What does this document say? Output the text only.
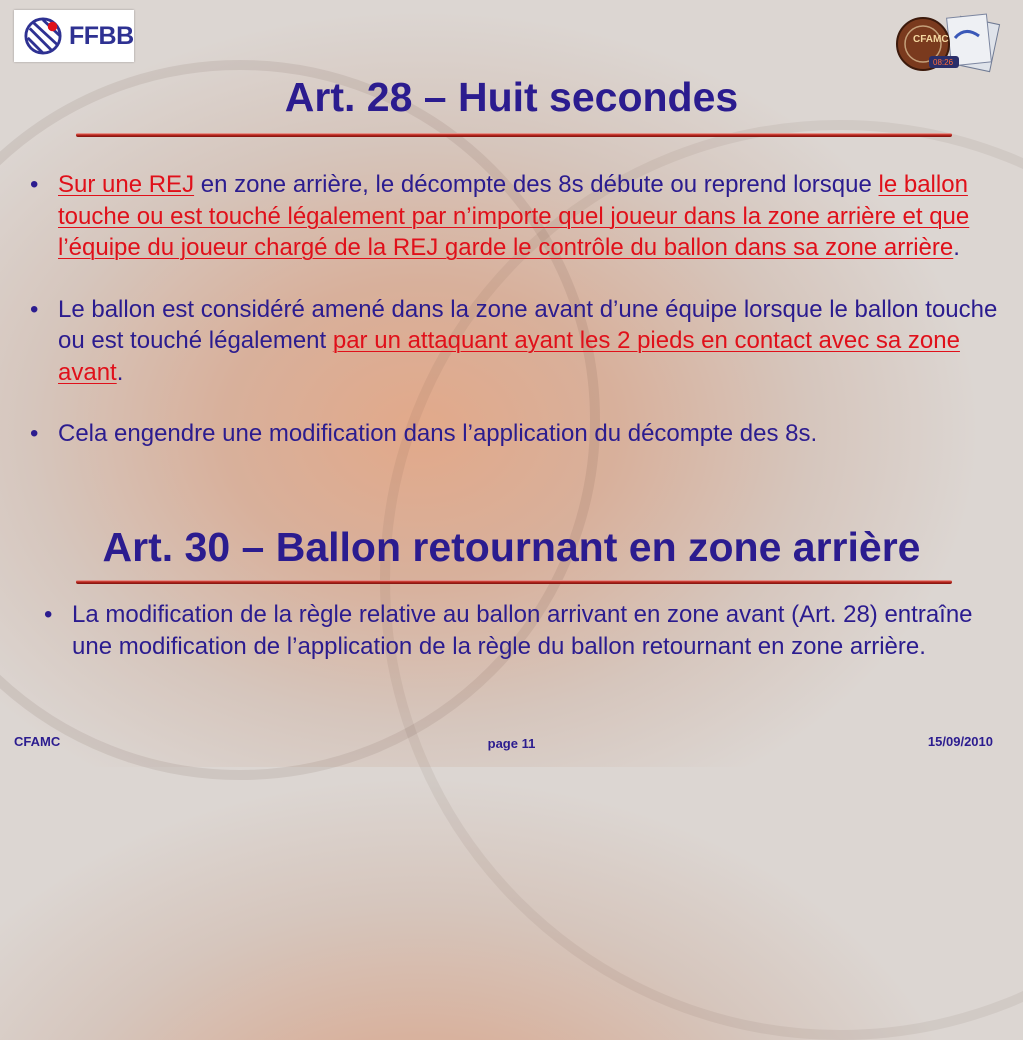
FFBB	CFAMC
08:26
Art. 28 – Huit secondes
• Sur une REJ en zone arrière, le décompte des 8s débute ou reprend lorsque le ballon touche ou est touché légalement par n’importe quel joueur dans la zone arrière et que l’équipe du joueur chargé de la REJ garde le contrôle du ballon dans sa zone arrière.
• Le ballon est considéré amené dans la zone avant d’une équipe lorsque le ballon touche ou est touché légalement par un attaquant ayant les 2 pieds en contact avec sa zone avant.
• Cela engendre une modification dans l’application du décompte des 8s.
Art. 30 – Ballon retournant en zone arrière
• La modification de la règle relative au ballon arrivant en zone avant (Art. 28) entraîne une modification de l’application de la règle du ballon retournant en zone arrière.
CFAMC	page 11	15/09/2010
